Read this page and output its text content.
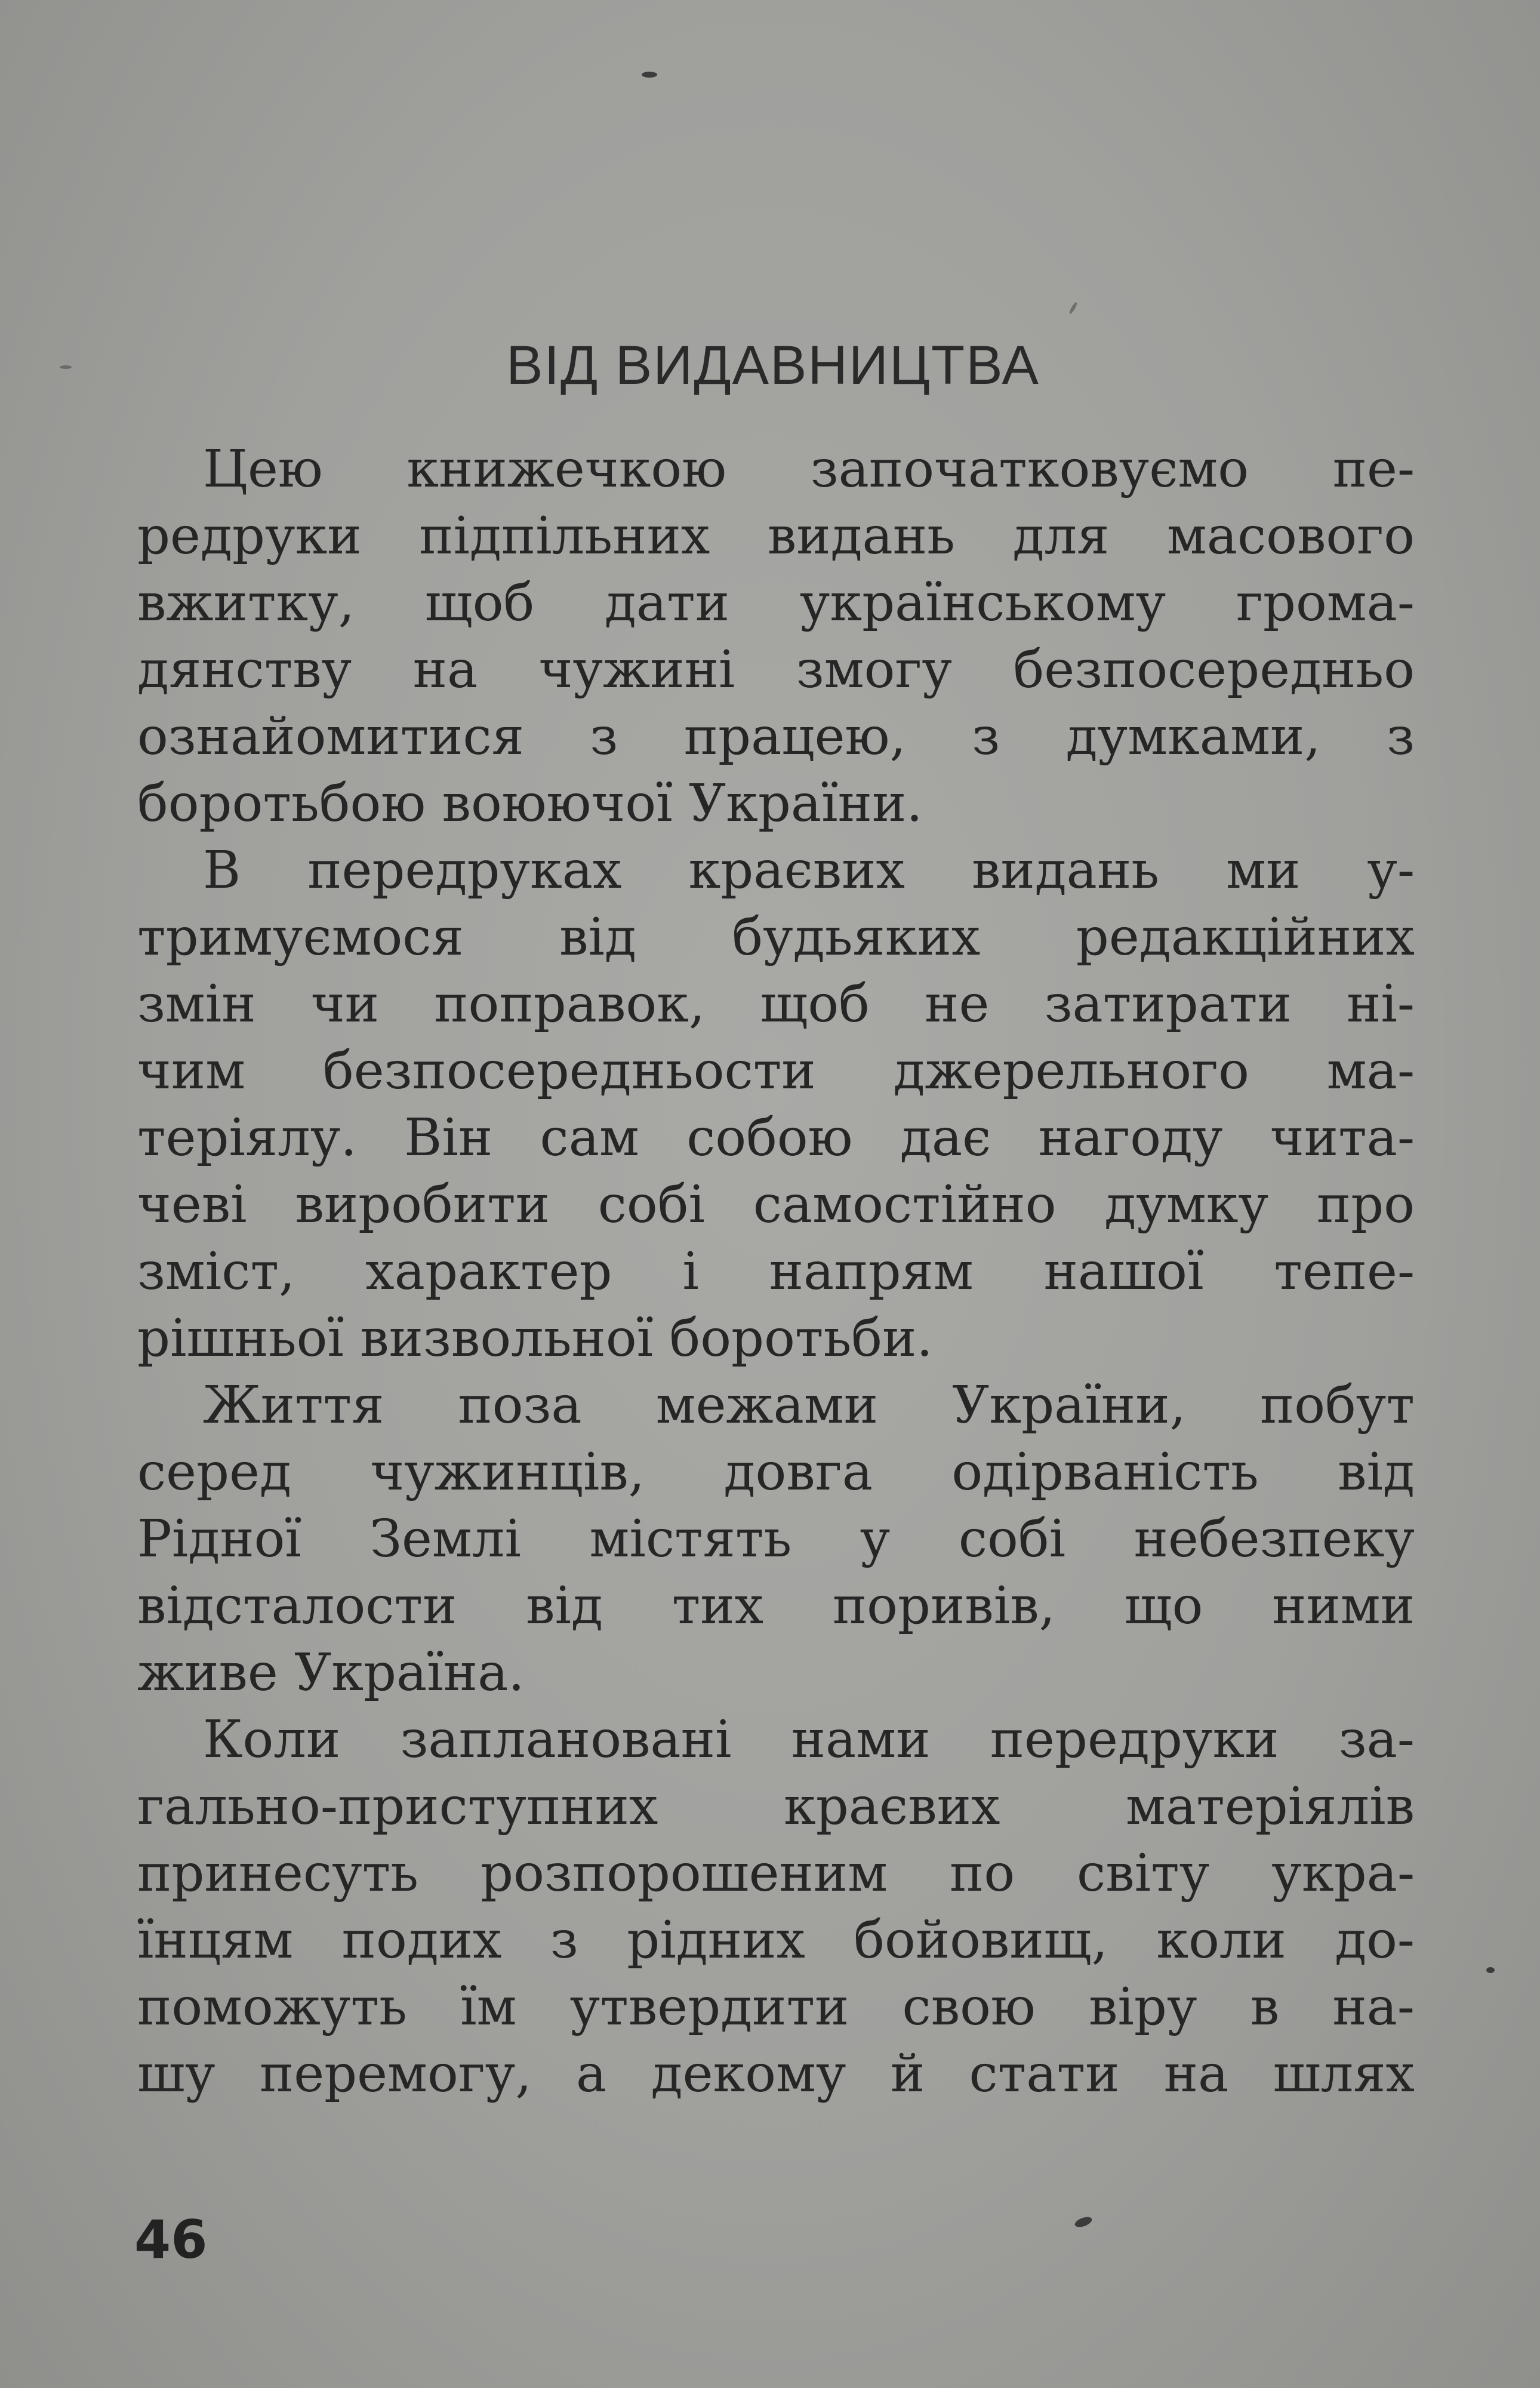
ВІД ВИДАВНИЦТВА
Цею книжечкою започатковуємо пе-
редруки підпільних видань для масового
вжитку, щоб дати українському грома-
дянству на чужині змогу безпосередньо
ознайомитися з працею, з думками, з
боротьбою воюючої України.
В передруках краєвих видань ми у-
тримуємося від будьяких редакційних
змін чи поправок, щоб не затирати ні-
чим безпосередньости джерельного ма-
теріялу. Він сам собою дає нагоду чита-
чеві виробити собі самостійно думку про
зміст, характер і напрям нашої тепе-
рішньої визвольної боротьби.
Життя поза межами України, побут
серед чужинців, довга одірваність від
Рідної Землі містять у собі небезпеку
відсталости від тих поривів, що ними
живе Україна.
Коли заплановані нами передруки за-
гально-приступних краєвих матеріялів
принесуть розпорошеним по світу укра-
їнцям подих з рідних бойовищ, коли до-
поможуть їм утвердити свою віру в на-
шу перемогу, а декому й стати на шлях
46
